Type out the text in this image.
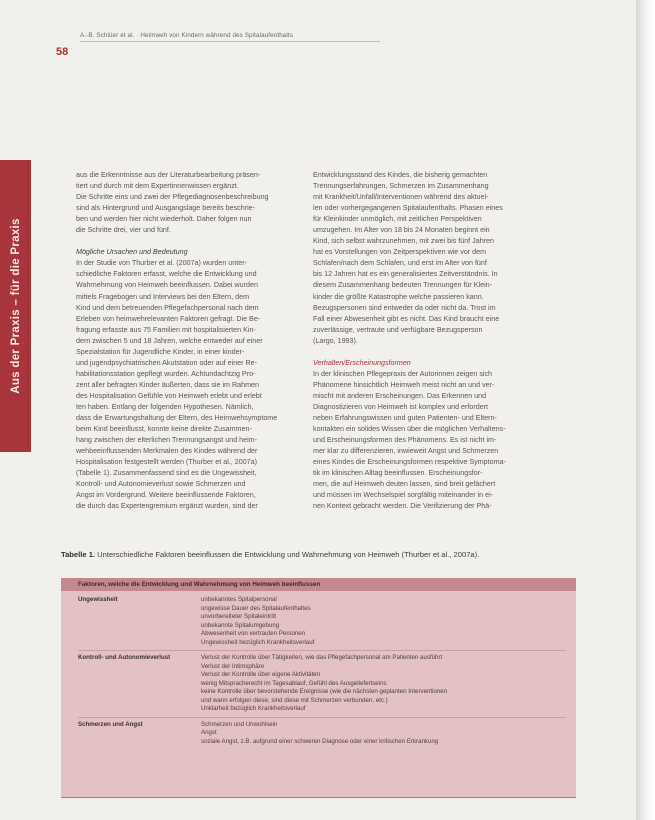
A.-B. Schlüer et al. · Heimweh von Kindern während des Spitalaufenthalts
58
Aus der Praxis – für die Praxis

aus die Erkenntnisse aus der Literaturbearbeitung präsen-

tiert und durch mit dem Expertinnenwissen ergänzt.

Die Schritte eins und zwei der Pflegediagnosenbeschreibung

sind als Hintergrund und Ausgangslage bereits beschrie-

ben und werden hier nicht wiederholt. Daher folgen nun

die Schritte drei, vier und fünf.

Mögliche Ursachen und Bedeutung

In der Studie von Thurber et al. (2007a) wurden unter-

schiedliche Faktoren erfasst, welche die Entwicklung und

Wahrnehmung von Heimweh beeinflussen. Dabei wurden

mittels Fragebogen und Interviews bei den Eltern, dem

Kind und dem betreuenden Pflegefachpersonal nach dem

Erleben von heimwehrelevanten Faktoren gefragt. Die Be-

fragung erfasste aus 75 Familien mit hospitalisierten Kin-

dern zwischen 5 und 18 Jahren, welche entweder auf einer

Spezialstation für Jugendliche Kinder, in einer kinder-

und jugendpsychiatrischen Akutstation oder auf einer Re-

habilitationsstation gepflegt wurden. Achtundachtzig Pro-

zent aller befragten Kinder äußerten, dass sie im Rahmen

des Hospitalisation Gefühle von Heimweh erlebt und erlebt

ten haben. Entlang der folgenden Hypothesen. Nämlich,

dass die Erwartungshaltung der Eltern, des Heimwehsymptome

beim Kind beeinflusst, konnte keine direkte Zusammen-

hang zwischen der elterlichen Trennungsangst und heim-

wehbeeinflussenden Merkmalen des Kindes während der

Hospitalisation festgestellt werden (Thurber et al., 2007a)

(Tabelle 1). Zusammenfassend sind es die Ungewissheit,

Kontroll- und Autonomieverlust sowie Schmerzen und

Angst im Vordergrund. Weitere beeinflussende Faktoren,

die durch das Expertengremium ergänzt wurden, sind der

Entwicklungsstand des Kindes, die bisherig gemachten

Trennungserfahrungen, Schmerzen im Zusammenhang

mit Krankheit/Unfall/Interventionen während des aktuel-

len oder vorhergegangenen Spitalaufenthalts. Phasen eines

für Kleinkinder unmöglich, mit zeitlichen Perspektiven

umzugehen. Im Alter von 18 bis 24 Monaten beginnt ein

Kind, sich selbst wahrzunehmen, mit zwei bis fünf Jahren

hat es Vorstellungen von Zeitperspektiven wie vor dem

Schlafen/nach dem Schlafen, und erst im Alter von fünf

bis 12 Jahren hat es ein generalisiertes Zeitverständnis. In

diesem Zusammenhang bedeuten Trennungen für Klein-

kinder die größte Katastrophe welche passieren kann.

Bezugspersonen sind entweder da oder nicht da. Trost im

Fall einer Abwesenheit gibt es nicht. Das Kind braucht eine

zuverlässige, vertraute und verfügbare Bezugsperson

(Largo, 1993).

Verhalten/Erscheinungsformen

In der klinischen Pflegepraxis der Autorinnen zeigen sich

Phänomene hinsichtlich Heimweh meist nicht an und ver-

mischt mit anderen Erscheinungen. Das Erkennen und

Diagnostizieren von Heimweh ist komplex und erfordert

neben Erfahrungswissen und guten Patienten- und Eltern-

kontakten ein solides Wissen über die möglichen Verhaltens-

und Erscheinungsformen des Phänomens. Es ist nicht im-

mer klar zu differenzieren, inwieweit Angst und Schmerzen

eines Kindes die Erscheinungsformen respektive Symptoma-

tik im klinischen Alltag beeinflussen. Erscheinungsfor-

men, die auf Heimweh deuten lassen, sind breit gefächert

und müssen im Wechselspiel sorgfältig miteinander in ei-

nen Kontext gebracht werden. Die Verifizierung der Phä-

Tabelle 1. Unterschiedliche Faktoren beeinflussen die Entwicklung und Wahrnehmung von Heimweh (Thurber et al., 2007a).
Faktoren, welche die Entwicklung und Wahrnehmung von Heimweh beeinflussen
Ungewissheit	unbekanntes Spitalpersonal
ungewisse Dauer des Spitalaufenthaltes
unvorbereiteter Spitaleintritt
unbekannte Spitalumgebung
Abwesenheit von vertrauten Personen
Ungewissheit bezüglich Krankheitsverlauf
Kontroll- und Autonomieverlust	Verlust der Kontrolle über Tätigkeiten, wie das Pflegefachpersonal am Patienten ausführt
Verlust der Intimsphäre
Verlust der Kontrolle über eigene Aktivitäten
wenig Mitspracherecht im Tagesablauf, Gefühl des Ausgeliefertseins
keine Kontrolle über bevorstehende Ereignisse (wie die nächsten geplanten Interventionen
und wann erfolgen diese, sind diese mit Schmerzen verbunden, etc.)
Unklarheit bezüglich Krankheitsverlauf
Schmerzen und Angst	Schmerzen und Unwohlsein
Angst
soziale Angst, z.B. aufgrund einer schweren Diagnose oder einer kritischen Erkrankung
